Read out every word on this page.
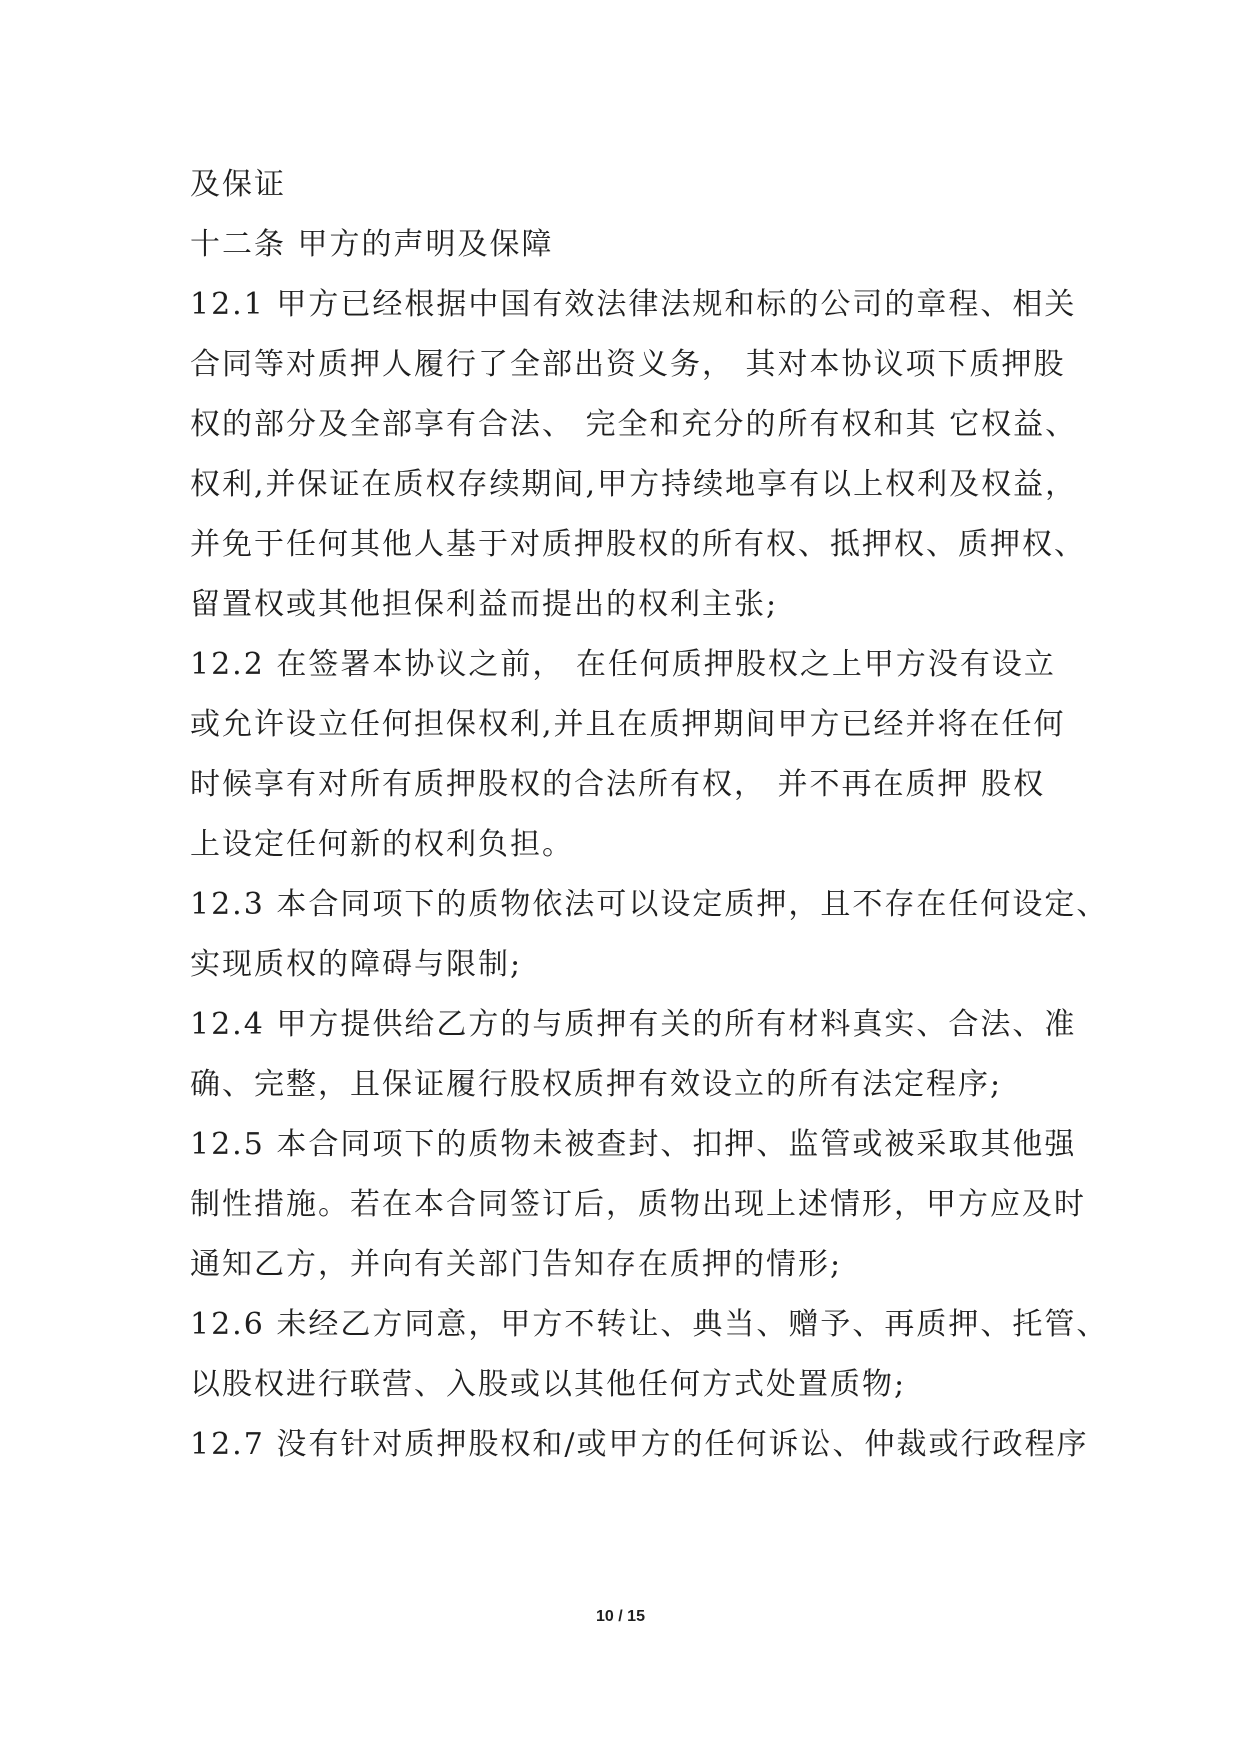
及保证
十二条 甲方的声明及保障
12.1 甲方已经根据中国有效法律法规和标的公司的章程、相关
合同等对质押人履行了全部出资义务， 其对本协议项下质押股
权的部分及全部享有合法、 完全和充分的所有权和其 它权益、
权利,并保证在质权存续期间,甲方持续地享有以上权利及权益，
并免于任何其他人基于对质押股权的所有权、抵押权、质押权、
留置权或其他担保利益而提出的权利主张;
12.2 在签署本协议之前， 在任何质押股权之上甲方没有设立
或允许设立任何担保权利,并且在质押期间甲方已经并将在任何
时候享有对所有质押股权的合法所有权， 并不再在质押 股权
上设定任何新的权利负担。
12.3 本合同项下的质物依法可以设定质押，且不存在任何设定、
实现质权的障碍与限制;
12.4 甲方提供给乙方的与质押有关的所有材料真实、合法、准
确、完整，且保证履行股权质押有效设立的所有法定程序;
12.5 本合同项下的质物未被查封、扣押、监管或被采取其他强
制性措施。若在本合同签订后，质物出现上述情形，甲方应及时
通知乙方，并向有关部门告知存在质押的情形;
12.6 未经乙方同意，甲方不转让、典当、赠予、再质押、托管、
以股权进行联营、入股或以其他任何方式处置质物;
12.7 没有针对质押股权和/或甲方的任何诉讼、仲裁或行政程序
10 / 15
